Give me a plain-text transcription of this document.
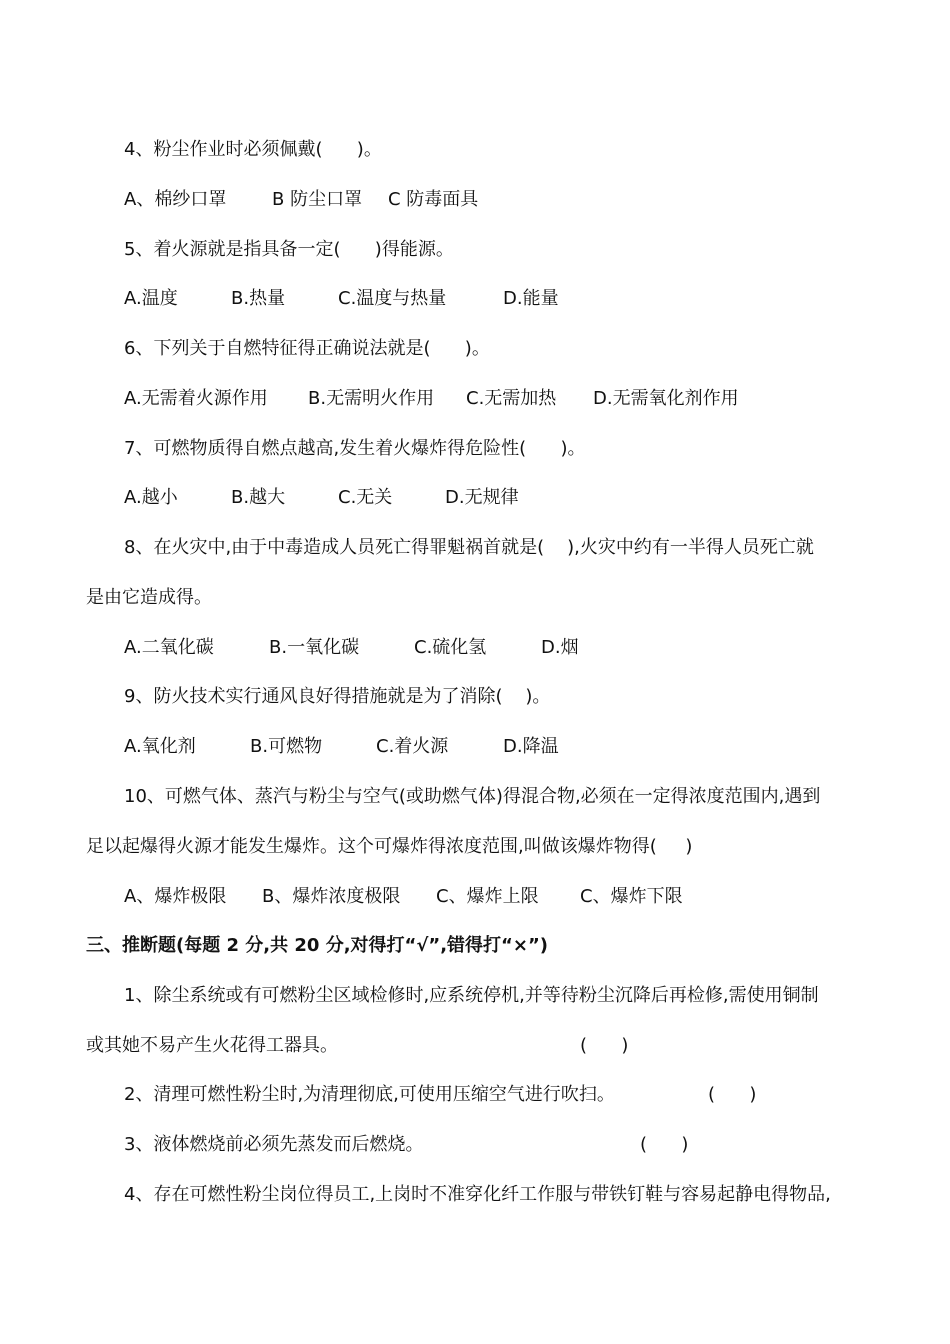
4、粉尘作业时必须佩戴(      )。

A、棉纱口罩

	B 防尘口罩

C 防毒面具

5、着火源就是指具备一定(      )得能源。

A.温度

	B.热量

	C.温度与热量

	D.能量

6、下列关于自燃特征得正确说法就是(      )。

A.无需着火源作用

B.无需明火作用

C.无需加热

D.无需氧化剂作用

7、可燃物质得自燃点越高,发生着火爆炸得危险性(      )。

A.越小

	B.越大

	C.无关

	D.无规律

8、在火灾中,由于中毒造成人员死亡得罪魁祸首就是(    ),火灾中约有一半得人员死亡就
是由它造成得。

A.二氧化碳

	B.一氧化碳

	C.硫化氢

	D.烟

9、防火技术实行通风良好得措施就是为了消除(    )。

A.氧化剂

	B.可燃物

	C.着火源

	D.降温

10、可燃气体、蒸汽与粉尘与空气(或助燃气体)得混合物,必须在一定得浓度范围内,遇到
足以起爆得火源才能发生爆炸。这个可爆炸得浓度范围,叫做该爆炸物得(     )

A、爆炸极限

B、爆炸浓度极限

C、爆炸上限

C、爆炸下限

三、推断题(每题 2 分,共 20 分,对得打“√”,错得打“×”)
1、除尘系统或有可燃粉尘区域检修时,应系统停机,并等待粉尘沉降后再检修,需使用铜制
或其她不易产生火花得工器具。	(      )
2、清理可燃性粉尘时,为清理彻底,可使用压缩空气进行吹扫。	(      )
3、液体燃烧前必须先蒸发而后燃烧。	(      )
4、存在可燃性粉尘岗位得员工,上岗时不准穿化纤工作服与带铁钉鞋与容易起静电得物品,
